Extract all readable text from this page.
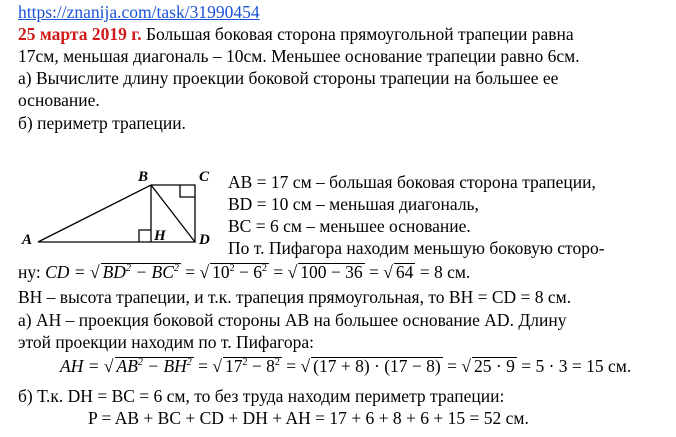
https://znanija.com/task/31990454
25 марта 2019 г. Большая боковая сторона прямоугольной трапеции равна
17см, меньшая диагональ – 10см. Меньшее основание трапеции равно 6см.
а) Вычислите длину проекции боковой стороны трапеции на большее ее
основание.
б) периметр трапеции.
A
B	C
D
H
AB = 17 см – большая боковая сторона трапеции,
BD = 10 см – меньшая диагональ,
BC = 6 см – меньшее основание.
По т. Пифагора находим меньшую боковую сторо-
ну: CD = √ $BD^2 - BC^2$ = √ $10^2 - 6^2$ = √ 100 − 36 = √ 64 = 8 см.
BH – высота трапеции, и т.к. трапеция прямоугольная, то BH = CD = 8 см.
а) AH – проекция боковой стороны AB на большее основание AD. Длину
этой проекции находим по т. Пифагора:
AH = √ $AB^2 - BH^2$ = √ $17^2 - 8^2$ = √ (17 + 8) · (17 − 8) = √ 25 · 9 = 5 · 3 = 15 см.
б) Т.к. DH = BC = 6 см, то без труда находим периметр трапеции:
P = AB + BC + CD + DH + AH = 17 + 6 + 8 + 6 + 15 = 52 см.
